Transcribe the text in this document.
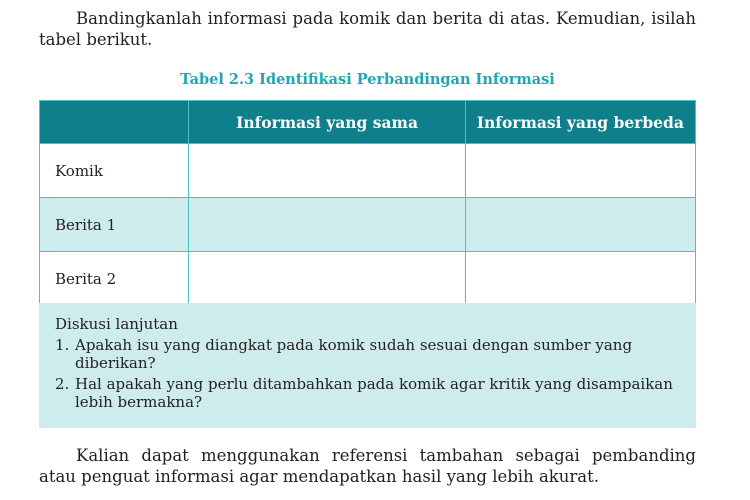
Bandingkanlah informasi pada komik dan berita di atas. Kemudian, isilah tabel berikut.

Tabel 2.3 Identifikasi Perbandingan Informasi
	Informasi yang sama	Informasi yang berbeda
Komik		
Berita 1		
Berita 2		

Diskusi lanjutan

1. Apakah isu yang diangkat pada komik sudah sesuai dengan sumber yang diberikan?
2. Hal apakah yang perlu ditambahkan pada komik agar kritik yang disampaikan lebih bermakna?

Kalian dapat menggunakan referensi tambahan sebagai pembanding atau penguat informasi agar mendapatkan hasil yang lebih akurat.
